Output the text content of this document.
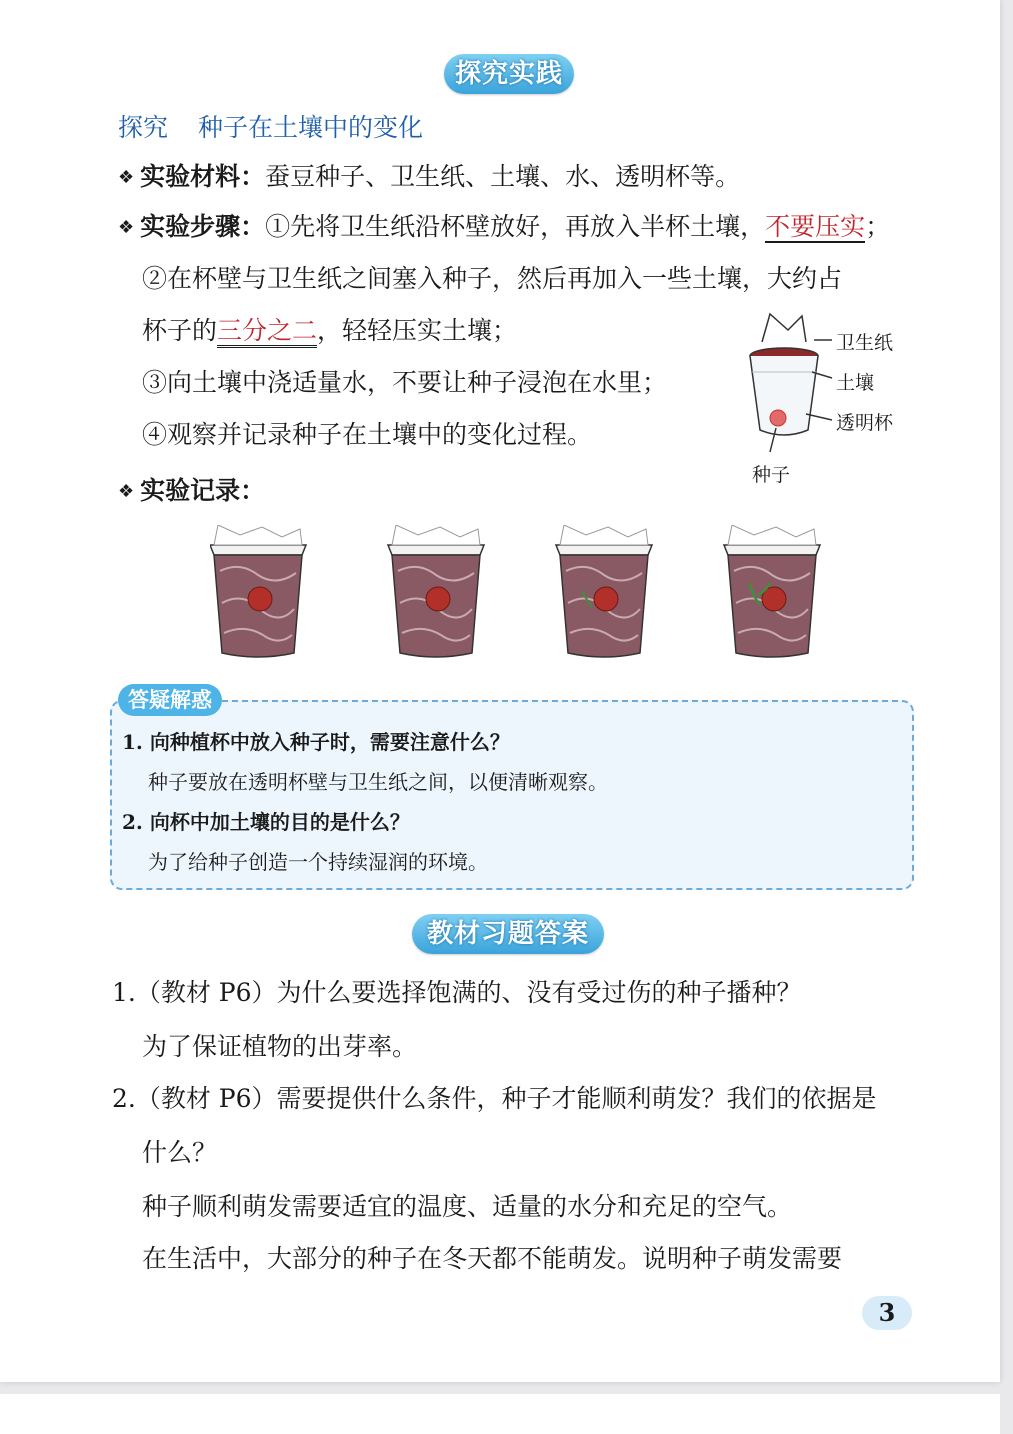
探究实践
探究 种子在土壤中的变化
❖ 实验材料：蚕豆种子、卫生纸、土壤、水、透明杯等。
❖ 实验步骤：①先将卫生纸沿杯壁放好，再放入半杯土壤，不要压实；
②在杯壁与卫生纸之间塞入种子，然后再加入一些土壤，大约占
杯子的三分之二，轻轻压实土壤；
③向土壤中浇适量水，不要让种子浸泡在水里；
④观察并记录种子在土壤中的变化过程。
卫生纸
土壤
透明杯
种子
❖ 实验记录：
答疑解惑
1. 向种植杯中放入种子时，需要注意什么？
种子要放在透明杯壁与卫生纸之间，以便清晰观察。
2. 向杯中加土壤的目的是什么？
为了给种子创造一个持续湿润的环境。
教材习题答案
1.（教材 P6）为什么要选择饱满的、没有受过伤的种子播种？
为了保证植物的出芽率。
2.（教材 P6）需要提供什么条件，种子才能顺利萌发？我们的依据是
什么？
种子顺利萌发需要适宜的温度、适量的水分和充足的空气。
在生活中，大部分的种子在冬天都不能萌发。说明种子萌发需要
3
